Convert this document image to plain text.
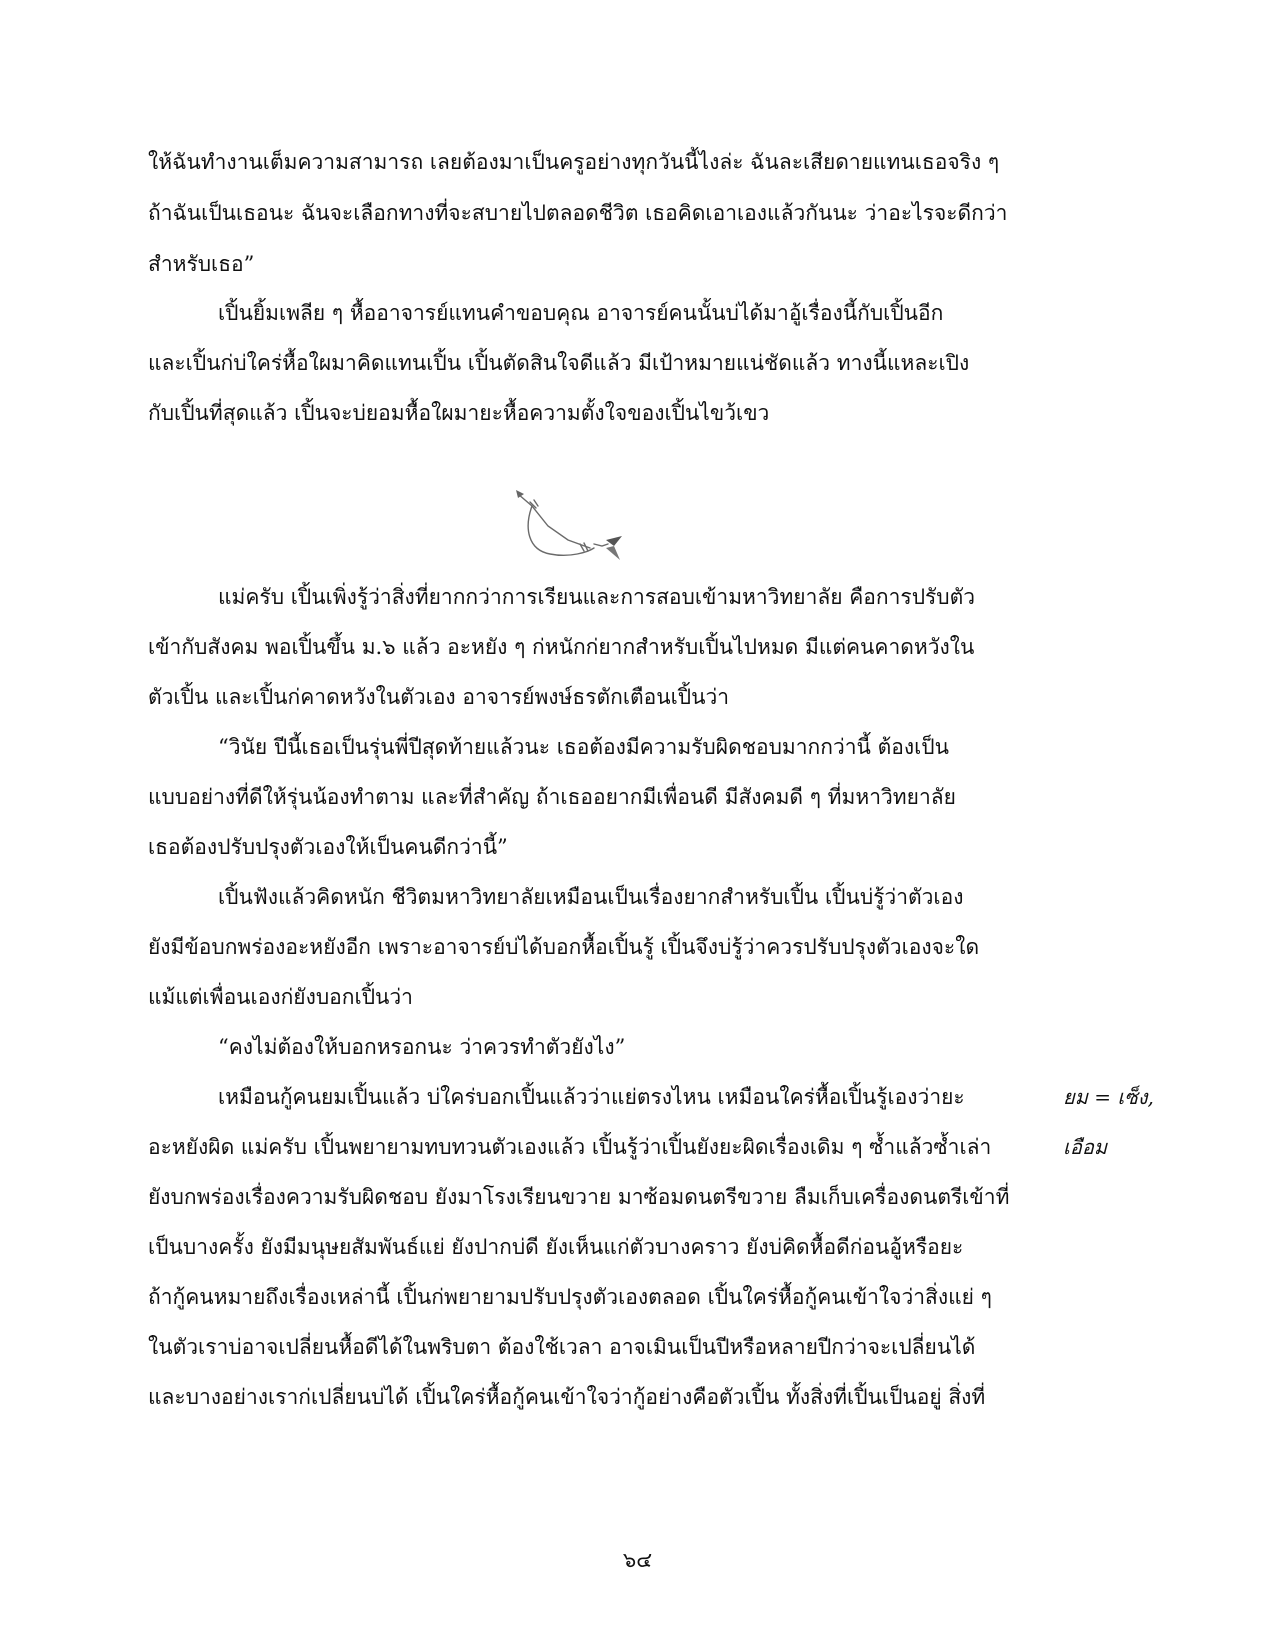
ให้ฉันทำงานเต็มความสามารถ เลยต้องมาเป็นครูอย่างทุกวันนี้ไงล่ะ ฉันละเสียดายแทนเธอจริง ๆ
ถ้าฉันเป็นเธอนะ ฉันจะเลือกทางที่จะสบายไปตลอดชีวิต เธอคิดเอาเองแล้วกันนะ ว่าอะไรจะดีกว่า
สำหรับเธอ”
เปิ้นยิ้มเพลีย ๆ หื้ออาจารย์แทนคำขอบคุณ อาจารย์คนนั้นบ่ได้มาอู้เรื่องนี้กับเปิ้นอีก
และเปิ้นก่บ่ใคร่หื้อใผมาคิดแทนเปิ้น เปิ้นตัดสินใจดีแล้ว มีเป้าหมายแน่ชัดแล้ว ทางนี้แหละเปิง
กับเปิ้นที่สุดแล้ว เปิ้นจะบ่ยอมหื้อใผมายะหื้อความตั้งใจของเปิ้นไขว้เขว
แม่ครับ เปิ้นเพิ่งรู้ว่าสิ่งที่ยากกว่าการเรียนและการสอบเข้ามหาวิทยาลัย คือการปรับตัว
เข้ากับสังคม พอเปิ้นขึ้น ม.๖ แล้ว อะหยัง ๆ ก่หนักก่ยากสำหรับเปิ้นไปหมด มีแต่คนคาดหวังใน
ตัวเปิ้น และเปิ้นก่คาดหวังในตัวเอง อาจารย์พงษ์ธรตักเตือนเปิ้นว่า
“วินัย ปีนี้เธอเป็นรุ่นพี่ปีสุดท้ายแล้วนะ เธอต้องมีความรับผิดชอบมากกว่านี้ ต้องเป็น
แบบอย่างที่ดีให้รุ่นน้องทำตาม และที่สำคัญ ถ้าเธออยากมีเพื่อนดี มีสังคมดี ๆ ที่มหาวิทยาลัย
เธอต้องปรับปรุงตัวเองให้เป็นคนดีกว่านี้”
เปิ้นฟังแล้วคิดหนัก ชีวิตมหาวิทยาลัยเหมือนเป็นเรื่องยากสำหรับเปิ้น เปิ้นบ่รู้ว่าตัวเอง
ยังมีข้อบกพร่องอะหยังอีก เพราะอาจารย์บ่ได้บอกหื้อเปิ้นรู้ เปิ้นจึงบ่รู้ว่าควรปรับปรุงตัวเองจะใด
แม้แต่เพื่อนเองก่ยังบอกเปิ้นว่า
“คงไม่ต้องให้บอกหรอกนะ ว่าควรทำตัวยังไง”
เหมือนกู้คนยมเปิ้นแล้ว บ่ใคร่บอกเปิ้นแล้วว่าแย่ตรงไหน เหมือนใคร่หื้อเปิ้นรู้เองว่ายะ
อะหยังผิด แม่ครับ เปิ้นพยายามทบทวนตัวเองแล้ว เปิ้นรู้ว่าเปิ้นยังยะผิดเรื่องเดิม ๆ ซ้ำแล้วซ้ำเล่า
ยังบกพร่องเรื่องความรับผิดชอบ ยังมาโรงเรียนขวาย มาซ้อมดนตรีขวาย ลืมเก็บเครื่องดนตรีเข้าที่
เป็นบางครั้ง ยังมีมนุษยสัมพันธ์แย่ ยังปากบ่ดี ยังเห็นแก่ตัวบางคราว ยังบ่คิดหื้อดีก่อนอู้หรือยะ
ถ้ากู้คนหมายถึงเรื่องเหล่านี้ เปิ้นก่พยายามปรับปรุงตัวเองตลอด เปิ้นใคร่หื้อกู้คนเข้าใจว่าสิ่งแย่ ๆ
ในตัวเราบ่อาจเปลี่ยนหื้อดีได้ในพริบตา ต้องใช้เวลา อาจเมินเป็นปีหรือหลายปีกว่าจะเปลี่ยนได้
และบางอย่างเราก่เปลี่ยนบ่ได้ เปิ้นใคร่หื้อกู้คนเข้าใจว่ากู้อย่างคือตัวเปิ้น ทั้งสิ่งที่เปิ้นเป็นอยู่ สิ่งที่
ยม = เซ็ง,
เอือม
๖๔
